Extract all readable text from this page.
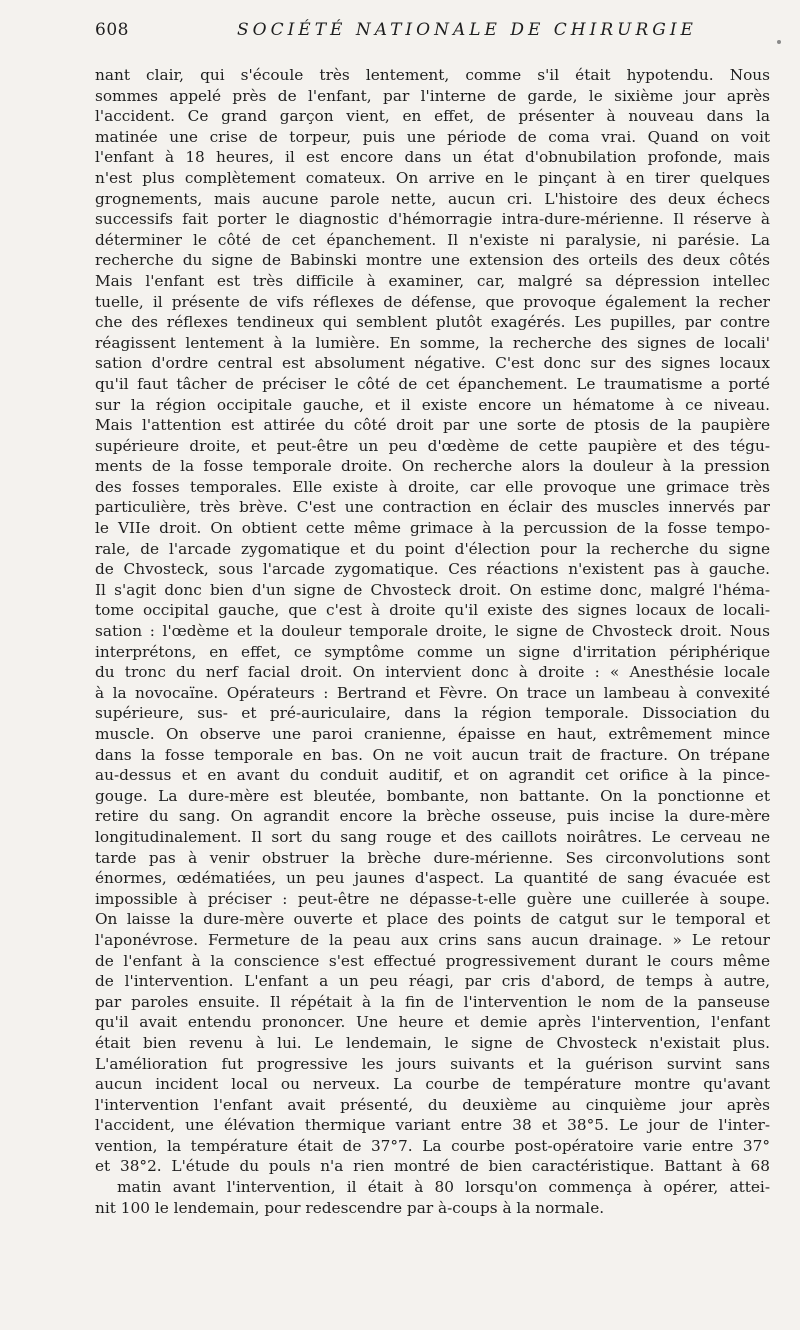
608	SOCIÉTÉ NATIONALE DE CHIRURGIE
nant clair, qui s'écoule très lentement, comme s'il était hypotendu. Nous
sommes appelé près de l'enfant, par l'interne de garde, le sixième jour après
l'accident. Ce grand garçon vient, en effet, de présenter à nouveau dans la
matinée une crise de torpeur, puis une période de coma vrai. Quand on voit
l'enfant à 18 heures, il est encore dans un état d'obnubilation profonde, mais
n'est plus complètement comateux. On arrive en le pinçant à en tirer quelques
grognements, mais aucune parole nette, aucun cri. L'histoire des deux échecs
successifs fait porter le diagnostic d'hémorragie intra-dure-mérienne. Il réserve à
déterminer le côté de cet épanchement. Il n'existe ni paralysie, ni parésie. La
recherche du signe de Babinski montre une extension des orteils des deux côtés
Mais l'enfant est très difficile à examiner, car, malgré sa dépression intellec
tuelle, il présente de vifs réflexes de défense, que provoque également la recher
che des réflexes tendineux qui semblent plutôt exagérés. Les pupilles, par contre
réagissent lentement à la lumière. En somme, la recherche des signes de locali'
sation d'ordre central est absolument négative. C'est donc sur des signes locaux
qu'il faut tâcher de préciser le côté de cet épanchement. Le traumatisme a porté
sur la région occipitale gauche, et il existe encore un hématome à ce niveau.
Mais l'attention est attirée du côté droit par une sorte de ptosis de la paupière
supérieure droite, et peut-être un peu d'œdème de cette paupière et des tégu-
ments de la fosse temporale droite. On recherche alors la douleur à la pression
des fosses temporales. Elle existe à droite, car elle provoque une grimace très
particulière, très brève. C'est une contraction en éclair des muscles innervés par
le VIIe droit. On obtient cette même grimace à la percussion de la fosse tempo-
rale, de l'arcade zygomatique et du point d'élection pour la recherche du signe
de Chvosteck, sous l'arcade zygomatique. Ces réactions n'existent pas à gauche.
Il s'agit donc bien d'un signe de Chvosteck droit. On estime donc, malgré l'héma-
tome occipital gauche, que c'est à droite qu'il existe des signes locaux de locali-
sation : l'œdème et la douleur temporale droite, le signe de Chvosteck droit. Nous
interprétons, en effet, ce symptôme comme un signe d'irritation périphérique
du tronc du nerf facial droit. On intervient donc à droite : « Anesthésie locale
à la novocaïne. Opérateurs : Bertrand et Fèvre. On trace un lambeau à convexité
supérieure, sus- et pré-auriculaire, dans la région temporale. Dissociation du
muscle. On observe une paroi cranienne, épaisse en haut, extrêmement mince
dans la fosse temporale en bas. On ne voit aucun trait de fracture. On trépane
au-dessus et en avant du conduit auditif, et on agrandit cet orifice à la pince-
gouge. La dure-mère est bleutée, bombante, non battante. On la ponctionne et
retire du sang. On agrandit encore la brèche osseuse, puis incise la dure-mère
longitudinalement. Il sort du sang rouge et des caillots noirâtres. Le cerveau ne
tarde pas à venir obstruer la brèche dure-mérienne. Ses circonvolutions sont
énormes, œdématiées, un peu jaunes d'aspect. La quantité de sang évacuée est
impossible à préciser : peut-être ne dépasse-t-elle guère une cuillerée à soupe.
On laisse la dure-mère ouverte et place des points de catgut sur le temporal et
l'aponévrose. Fermeture de la peau aux crins sans aucun drainage. » Le retour
de l'enfant à la conscience s'est effectué progressivement durant le cours même
de l'intervention. L'enfant a un peu réagi, par cris d'abord, de temps à autre,
par paroles ensuite. Il répétait à la fin de l'intervention le nom de la panseuse
qu'il avait entendu prononcer. Une heure et demie après l'intervention, l'enfant
était bien revenu à lui. Le lendemain, le signe de Chvosteck n'existait plus.
L'amélioration fut progressive les jours suivants et la guérison survint sans
aucun incident local ou nerveux. La courbe de température montre qu'avant
l'intervention l'enfant avait présenté, du deuxième au cinquième jour après
l'accident, une élévation thermique variant entre 38 et 38°5. Le jour de l'inter-
vention, la température était de 37°7. La courbe post-opératoire varie entre 37°
et 38°2. L'étude du pouls n'a rien montré de bien caractéristique. Battant à 68
matin avant l'intervention, il était à 80 lorsqu'on commença à opérer, attei-
nit 100 le lendemain, pour redescendre par à-coups à la normale.
